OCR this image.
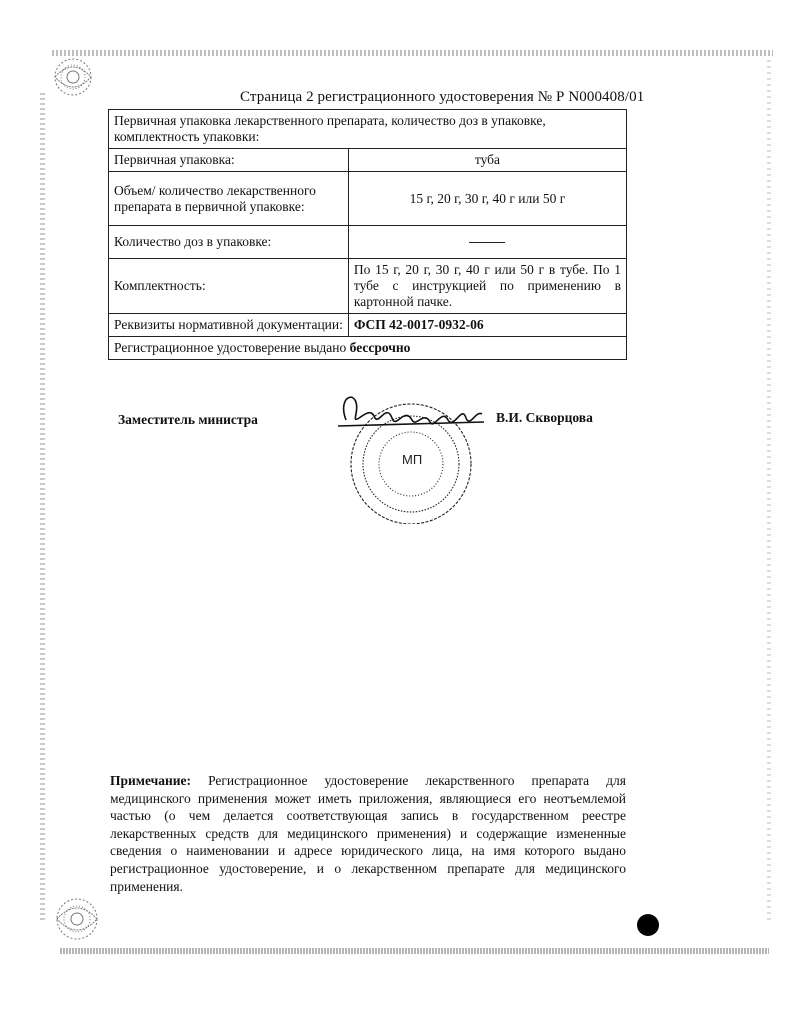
Страница 2 регистрационного удостоверения № Р N000408/01
Первичная упаковка лекарственного препарата, количество доз в упаковке, комплектность упаковки:	
Первичная упаковка:	туба
Объем/ количество лекарственного препарата в первичной упаковке:	15 г, 20 г, 30 г, 40 г или 50 г
Количество доз в упаковке:	
Комплектность:	По 15 г, 20 г, 30 г, 40 г или 50 г в тубе. По 1 тубе с инструкцией по применению в картонной пачке.
Реквизиты нормативной документации:	ФСП 42-0017-0932-06
Регистрационное удостоверение выдано бессрочно	
Заместитель министра	В.И. Скворцова
МП
Примечание: Регистрационное удостоверение лекарственного препарата для медицинского применения может иметь приложения, являющиеся его неотъемлемой частью (о чем делается соответствующая запись в государственном реестре лекарственных средств для медицинского применения) и содержащие измененные сведения о наименовании и адресе юридического лица, на имя которого выдано регистрационное удостоверение, и о лекарственном препарате для медицинского применения.
